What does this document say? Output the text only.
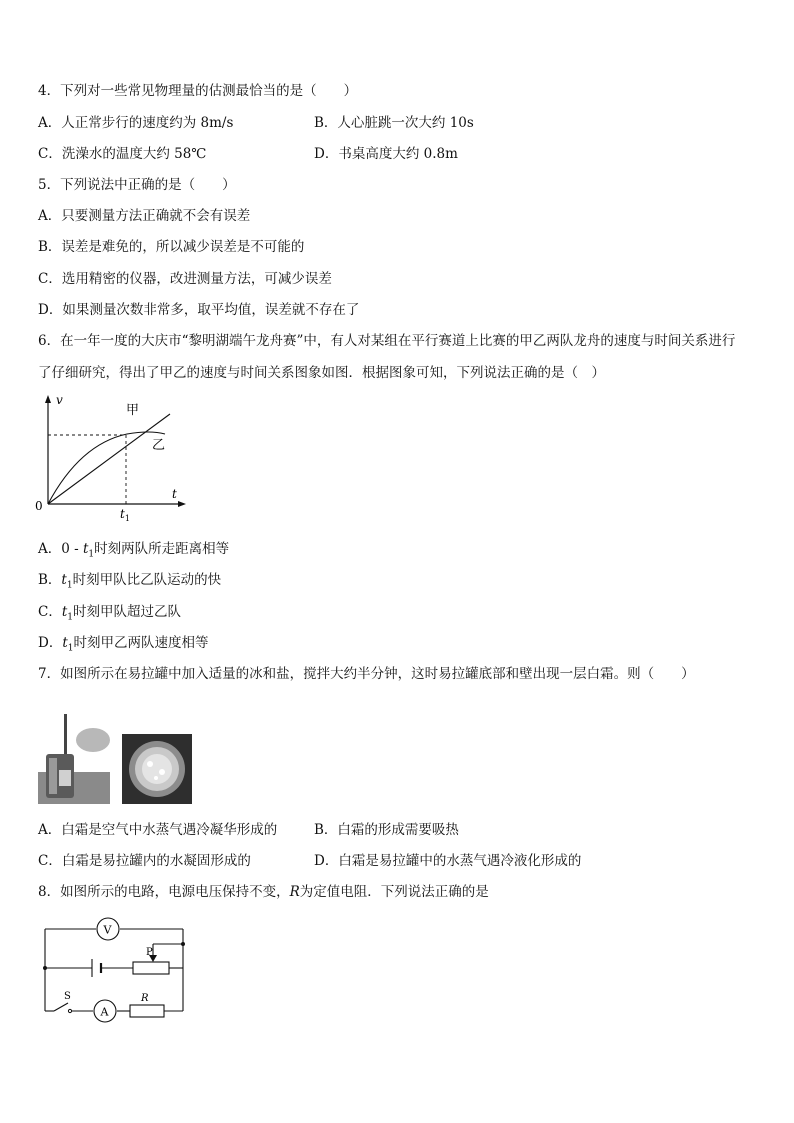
4．下列对一些常见物理量的估测最恰当的是（　　）
A．人正常步行的速度约为 8m/s	B．人心脏跳一次大约 10s
C．洗澡水的温度大约 58℃	D．书桌高度大约 0.8m
5．下列说法中正确的是（　　）
A．只要测量方法正确就不会有误差
B．误差是难免的，所以减少误差是不可能的
C．选用精密的仪器，改进测量方法，可减少误差
D．如果测量次数非常多，取平均值，误差就不存在了
6．在一年一度的大庆市“黎明湖端午龙舟赛”中，有人对某组在平行赛道上比赛的甲乙两队龙舟的速度与时间关系进行
了仔细研究，得出了甲乙的速度与时间关系图象如图．根据图象可知，下列说法正确的是（　）
v
t
0
$t_1$
甲
乙
A．$0 - t_1$时刻两队所走距离相等
B．$t_1$时刻甲队比乙队运动的快
C．$t_1$时刻甲队超过乙队
D．$t_1$时刻甲乙两队速度相等
7．如图所示在易拉罐中加入适量的冰和盐，搅拌大约半分钟，这时易拉罐底部和壁出现一层白霜。则（　　）
A．白霜是空气中水蒸气遇冷凝华形成的	B．白霜的形成需要吸热
C．白霜是易拉罐内的水凝固形成的	D．白霜是易拉罐中的水蒸气遇冷液化形成的
8．如图所示的电路，电源电压保持不变，R为定值电阻．下列说法正确的是
V
P
S
A
R
